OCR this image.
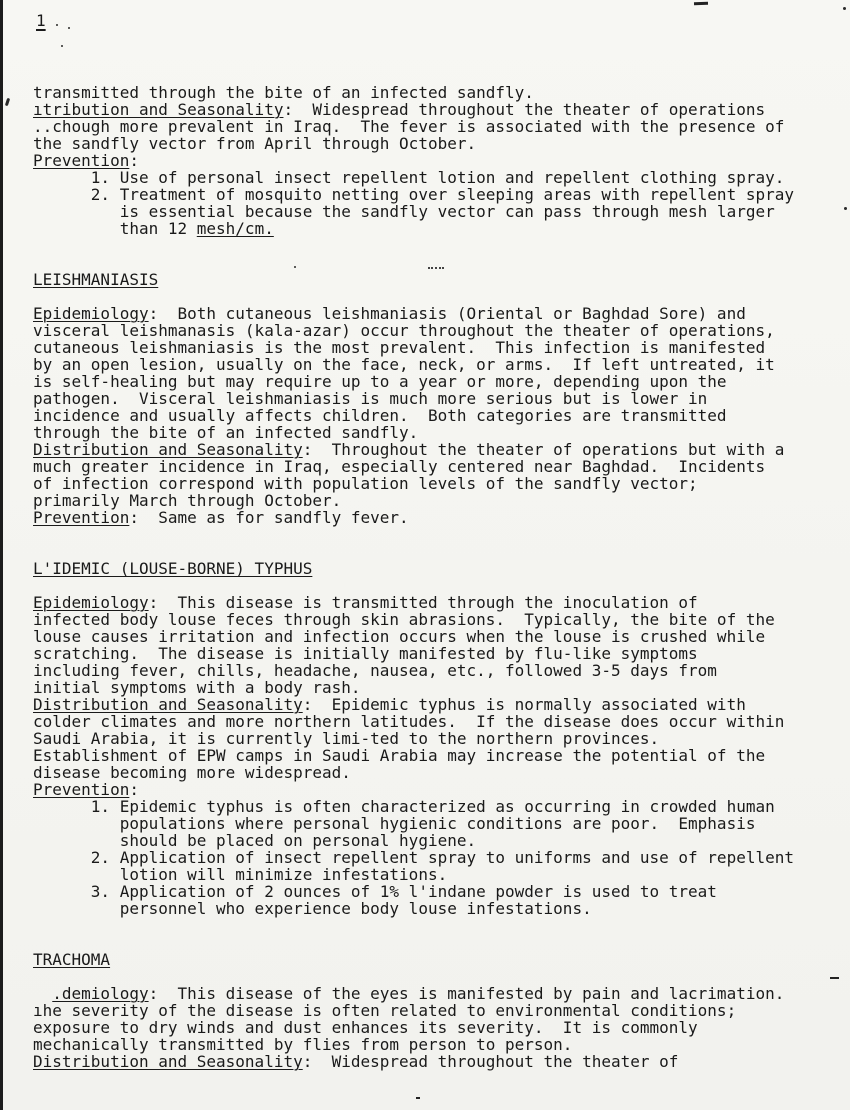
1
transmitted through the bite of an infected sandfly.
ıtribution and Seasonality:  Widespread throughout the theater of operations
..chough more prevalent in Iraq.  The fever is associated with the presence of
the sandfly vector from April through October.
Prevention:
1. Use of personal insect repellent lotion and repellent clothing spray.
2. Treatment of mosquito netting over sleeping areas with repellent spray
is essential because the sandfly vector can pass through mesh larger
than 12 mesh/cm.
LEISHMANIASIS
Epidemiology:  Both cutaneous leishmaniasis (Oriental or Baghdad Sore) and
visceral leishmanasis (kala-azar) occur throughout the theater of operations,
cutaneous leishmaniasis is the most prevalent.  This infection is manifested
by an open lesion, usually on the face, neck, or arms.  If left untreated, it
is self-healing but may require up to a year or more, depending upon the
pathogen.  Visceral leishmaniasis is much more serious but is lower in
incidence and usually affects children.  Both categories are transmitted
through the bite of an infected sandfly.
Distribution and Seasonality:  Throughout the theater of operations but with a
much greater incidence in Iraq, especially centered near Baghdad.  Incidents
of infection correspond with population levels of the sandfly vector;
primarily March through October.
Prevention:  Same as for sandfly fever.
L'IDEMIC (LOUSE-BORNE) TYPHUS
Epidemiology:  This disease is transmitted through the inoculation of
infected body louse feces through skin abrasions.  Typically, the bite of the
louse causes irritation and infection occurs when the louse is crushed while
scratching.  The disease is initially manifested by flu-like symptoms
including fever, chills, headache, nausea, etc., followed 3-5 days from
initial symptoms with a body rash.
Distribution and Seasonality:  Epidemic typhus is normally associated with
colder climates and more northern latitudes.  If the disease does occur within
Saudi Arabia, it is currently limi-ted to the northern provinces.
Establishment of EPW camps in Saudi Arabia may increase the potential of the
disease becoming more widespread.
Prevention:
1. Epidemic typhus is often characterized as occurring in crowded human
populations where personal hygienic conditions are poor.  Emphasis
should be placed on personal hygiene.
2. Application of insect repellent spray to uniforms and use of repellent
lotion will minimize infestations.
3. Application of 2 ounces of 1% l'indane powder is used to treat
personnel who experience body louse infestations.
TRACHOMA
.demiology:  This disease of the eyes is manifested by pain and lacrimation.
ıhe severity of the disease is often related to environmental conditions;
exposure to dry winds and dust enhances its severity.  It is commonly
mechanically transmitted by flies from person to person.
Distribution and Seasonality:  Widespread throughout the theater of
